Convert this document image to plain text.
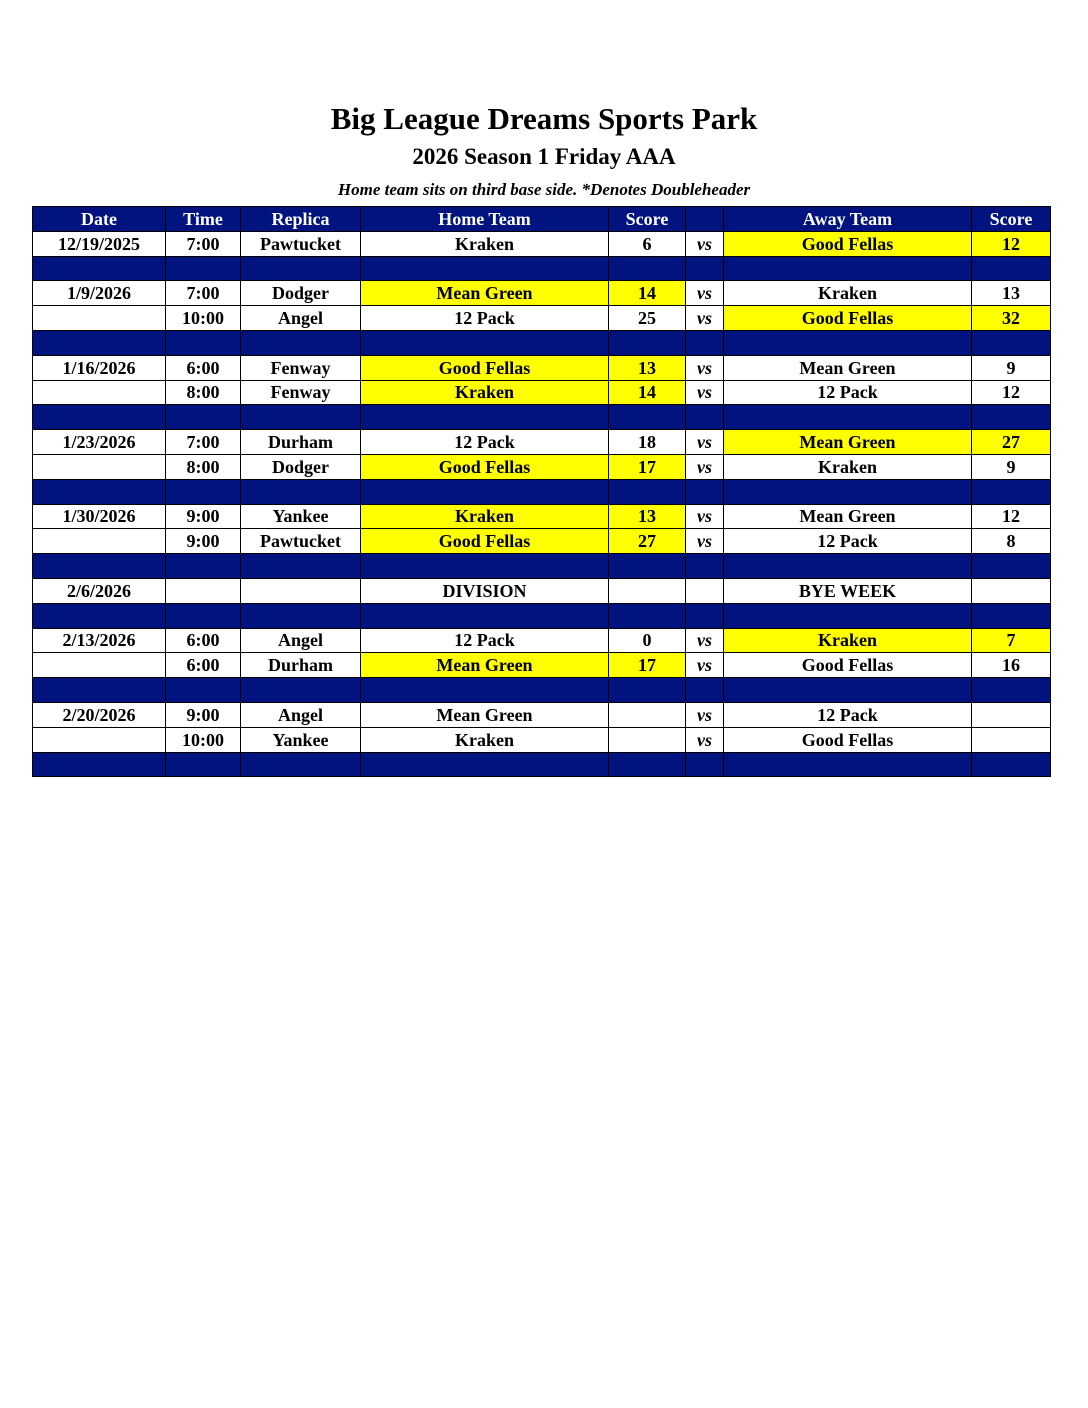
Big League Dreams Sports Park
2026 Season 1 Friday AAA
Home team sits on third base side. *Denotes Doubleheader
Date	Time	Replica	Home Team	Score		Away Team	Score
12/19/2025	7:00	Pawtucket	Kraken	6	vs	Good Fellas	12

1/9/2026	7:00	Dodger	Mean Green	14	vs	Kraken	13
	10:00	Angel	12 Pack	25	vs	Good Fellas	32

1/16/2026	6:00	Fenway	Good Fellas	13	vs	Mean Green	9
	8:00	Fenway	Kraken	14	vs	12 Pack	12

1/23/2026	7:00	Durham	12 Pack	18	vs	Mean Green	27
	8:00	Dodger	Good Fellas	17	vs	Kraken	9

1/30/2026	9:00	Yankee	Kraken	13	vs	Mean Green	12
	9:00	Pawtucket	Good Fellas	27	vs	12 Pack	8

2/6/2026			DIVISION			BYE WEEK	

2/13/2026	6:00	Angel	12 Pack	0	vs	Kraken	7
	6:00	Durham	Mean Green	17	vs	Good Fellas	16

2/20/2026	9:00	Angel	Mean Green		vs	12 Pack	
	10:00	Yankee	Kraken		vs	Good Fellas	
